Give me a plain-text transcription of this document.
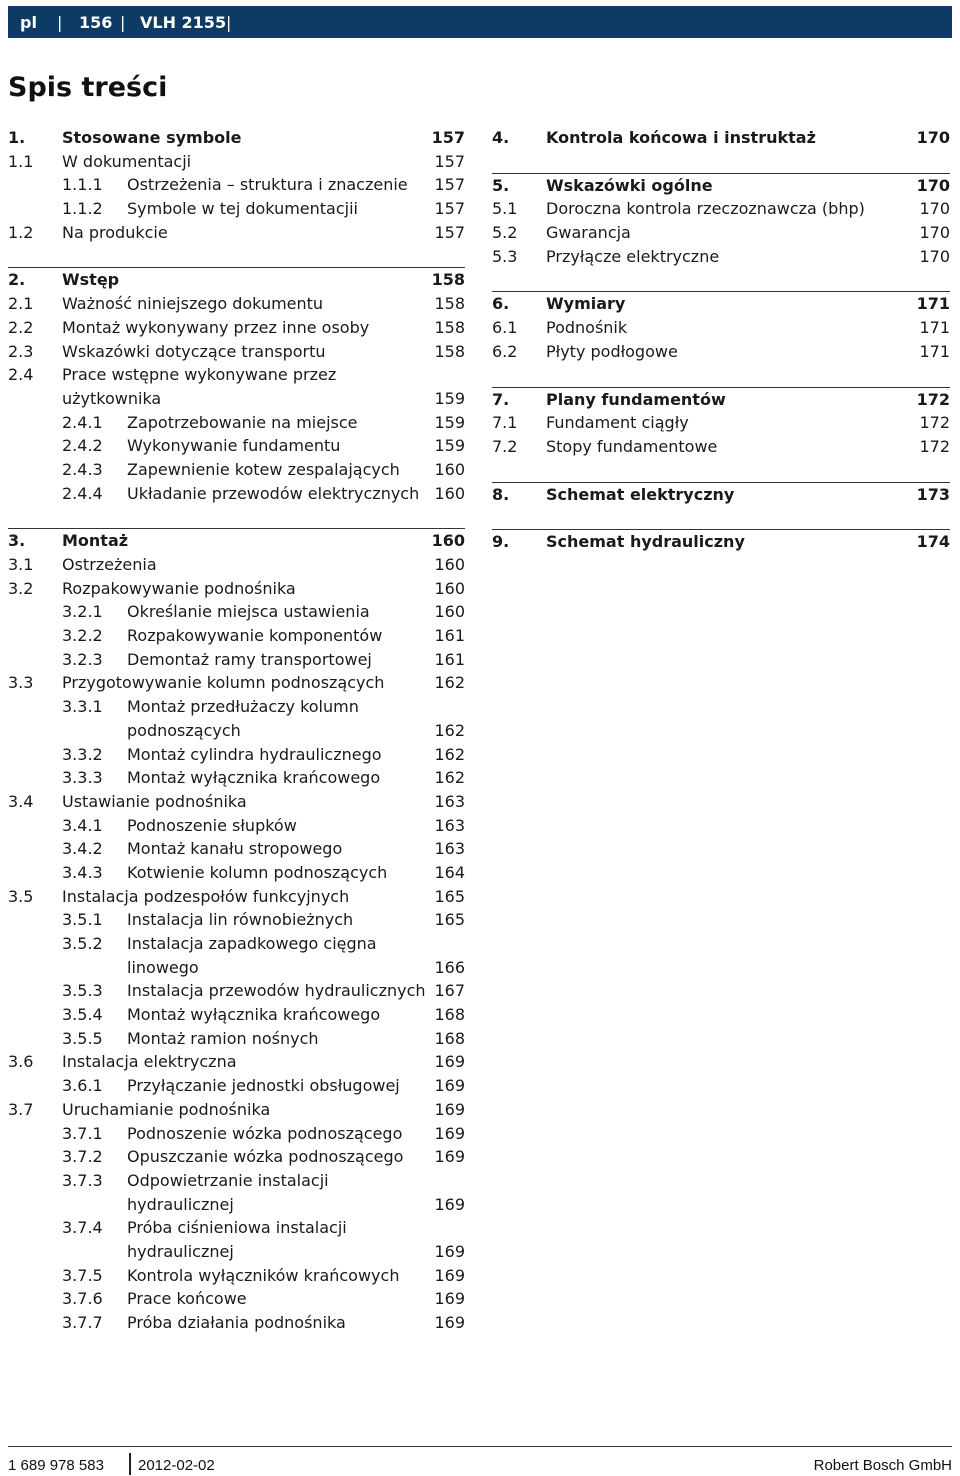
pl | 156 | VLH 2155 |
Spis treści
1. Stosowane symbole	157
1.1 W dokumentacji	157
1.1.1 Ostrzeżenia – struktura i znaczenie 157
1.1.2 Symbole w tej dokumentacjii	157
1.2 Na produkcie	157
2. Wstęp	158
2.1 Ważność niniejszego dokumentu	158
2.2 Montaż wykonywany przez inne osoby	158
2.3 Wskazówki dotyczące transportu	158
2.4 Prace wstępne wykonywane przez
użytkownika	159
2.4.1 Zapotrzebowanie na miejsce	159
2.4.2 Wykonywanie fundamentu	159
2.4.3 Zapewnienie kotew zespalających 160
2.4.4 Układanie przewodów elektrycznych 160
3. Montaż	160
3.1 Ostrzeżenia	160
3.2 Rozpakowywanie podnośnika	160
3.2.1 Określanie miejsca ustawienia	160
3.2.2 Rozpakowywanie komponentów	161
3.2.3 Demontaż ramy transportowej	161
3.3 Przygotowywanie kolumn podnoszących	162
3.3.1 Montaż przedłużaczy kolumn
podnoszących	162
3.3.2 Montaż cylindra hydraulicznego	162
3.3.3 Montaż wyłącznika krańcowego	162
3.4 Ustawianie podnośnika	163
3.4.1 Podnoszenie słupków	163
3.4.2 Montaż kanału stropowego	163
3.4.3 Kotwienie kolumn podnoszących	164
3.5 Instalacja podzespołów funkcyjnych	165
3.5.1 Instalacja lin równobieżnych	165
3.5.2 Instalacja zapadkowego cięgna
linowego	166
3.5.3 Instalacja przewodów hydraulicznych 167
3.5.4 Montaż wyłącznika krańcowego	168
3.5.5 Montaż ramion nośnych	168
3.6 Instalacja elektryczna	169
3.6.1 Przyłączanie jednostki obsługowej 169
3.7 Uruchamianie podnośnika	169
3.7.1 Podnoszenie wózka podnoszącego 169
3.7.2 Opuszczanie wózka podnoszącego 169
3.7.3 Odpowietrzanie instalacji
hydraulicznej	169
3.7.4 Próba ciśnieniowa instalacji
hydraulicznej	169
3.7.5 Kontrola wyłączników krańcowych 169
3.7.6 Prace końcowe	169
3.7.7 Próba działania podnośnika	169
4. Kontrola końcowa i instruktaż	170
5. Wskazówki ogólne	170
5.1 Doroczna kontrola rzeczoznawcza (bhp)	170
5.2 Gwarancja	170
5.3 Przyłącze elektryczne	170
6. Wymiary	171
6.1 Podnośnik	171
6.2 Płyty podłogowe	171
7. Plany fundamentów	172
7.1 Fundament ciągły	172
7.2 Stopy fundamentowe	172
8. Schemat elektryczny	173
9. Schemat hydrauliczny	174
1 689 978 583 2012-02-02	Robert Bosch GmbH
